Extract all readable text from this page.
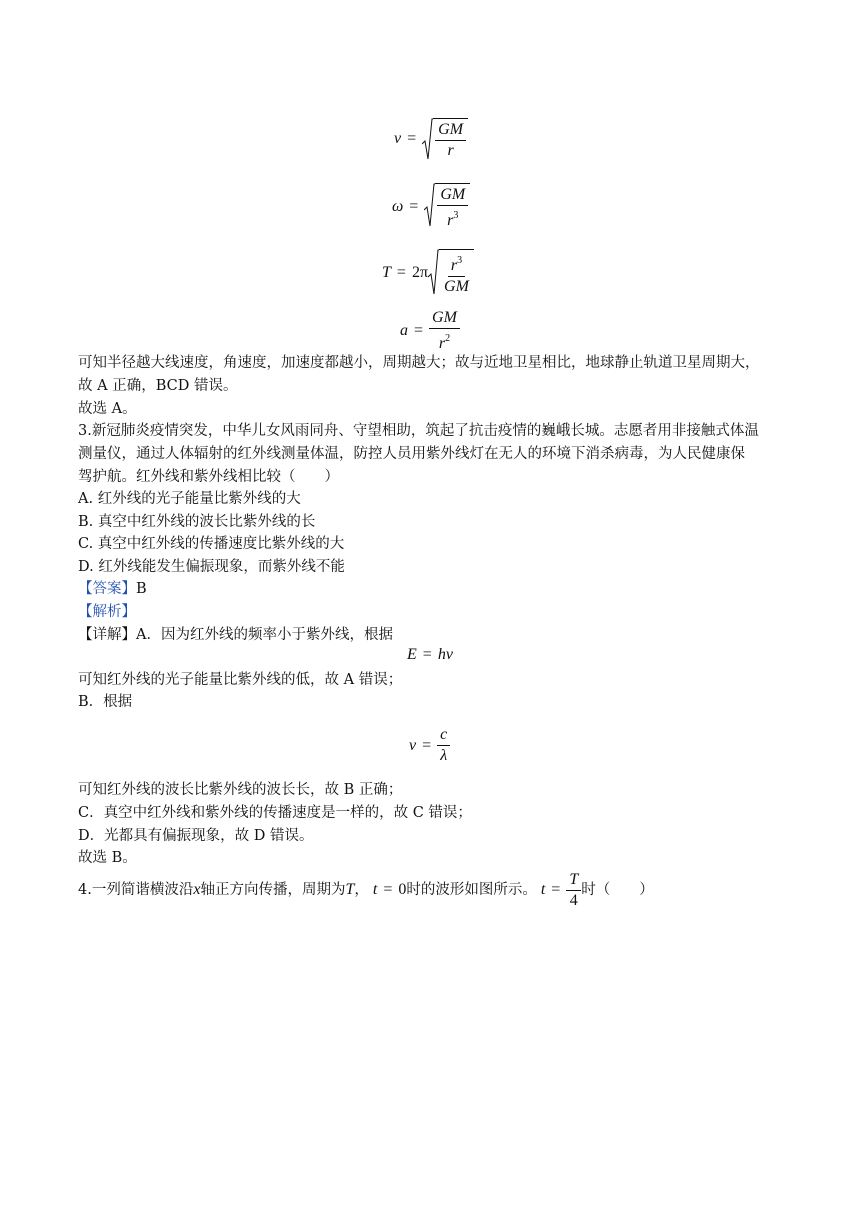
$v = \frac{GM}{r}$
$\omega = \frac{GM}{r^3}$
$T = 2\pi \frac{r^3}{GM}$
$a = \frac{GM}{r^2}$
可知半径越大线速度，角速度，加速度都越小，周期越大；故与近地卫星相比，地球静止轨道卫星周期大，
故 A 正确，BCD 错误。
故选 A。
3.新冠肺炎疫情突发，中华儿女风雨同舟、守望相助，筑起了抗击疫情的巍峨长城。志愿者用非接触式体温
测量仪，通过人体辐射的红外线测量体温，防控人员用紫外线灯在无人的环境下消杀病毒，为人民健康保
驾护航。红外线和紫外线相比较（　　）
A. 红外线的光子能量比紫外线的大
B. 真空中红外线的波长比紫外线的长
C. 真空中红外线的传播速度比紫外线的大
D. 红外线能发生偏振现象，而紫外线不能
【答案】B
【解析】
【详解】A．因为红外线的频率小于紫外线，根据
E = hν
可知红外线的光子能量比紫外线的低，故 A 错误；
B．根据
$\nu = \frac{c}{\lambda}$
可知红外线的波长比紫外线的波长长，故 B 正确；
C．真空中红外线和紫外线的传播速度是一样的，故 C 错误；
D．光都具有偏振现象，故 D 错误。
故选 B。
4.一列简谐横波沿 x 轴正方向传播，周期为 T ， t = 0 时的波形如图所示。 $t = \frac{T}{4}$ 时（　　）
